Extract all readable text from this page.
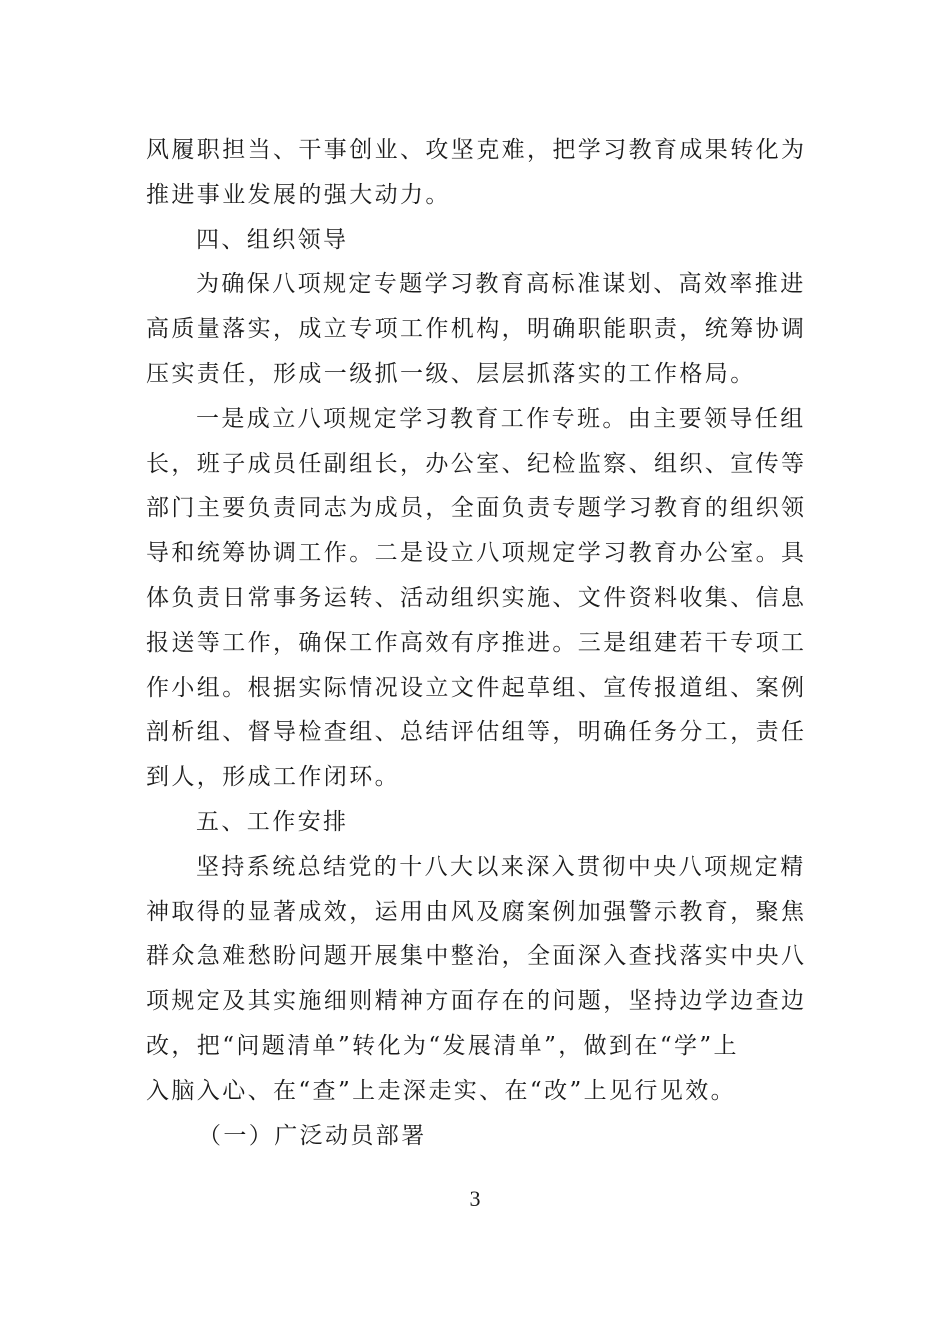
风履职担当、干事创业、攻坚克难，把学习教育成果转化为
推进事业发展的强大动力。
四、组织领导
为确保八项规定专题学习教育高标准谋划、高效率推进
高质量落实，成立专项工作机构，明确职能职责，统筹协调
压实责任，形成一级抓一级、层层抓落实的工作格局。
一是成立八项规定学习教育工作专班。由主要领导任组
长，班子成员任副组长，办公室、纪检监察、组织、宣传等
部门主要负责同志为成员，全面负责专题学习教育的组织领
导和统筹协调工作。二是设立八项规定学习教育办公室。具
体负责日常事务运转、活动组织实施、文件资料收集、信息
报送等工作，确保工作高效有序推进。三是组建若干专项工
作小组。根据实际情况设立文件起草组、宣传报道组、案例
剖析组、督导检查组、总结评估组等，明确任务分工，责任
到人，形成工作闭环。
五、工作安排
坚持系统总结党的十八大以来深入贯彻中央八项规定精
神取得的显著成效，运用由风及腐案例加强警示教育，聚焦
群众急难愁盼问题开展集中整治，全面深入查找落实中央八
项规定及其实施细则精神方面存在的问题，坚持边学边查边
改，把“问题清单”转化为“发展清单”，做到在“学”上
入脑入心、在“查”上走深走实、在“改”上见行见效。
（一）广泛动员部署
3
